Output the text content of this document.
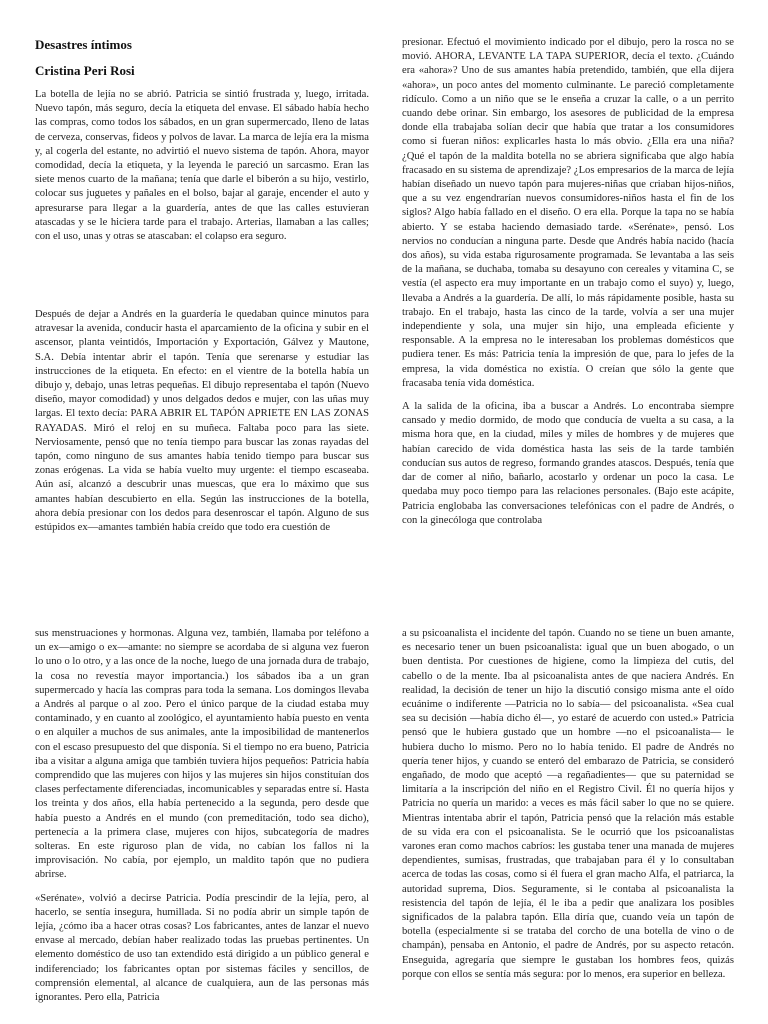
Desastres íntimos

Cristina Peri Rosi

La botella de lejía no se abrió. Patricia se sintió frustrada y, luego, irritada. Nuevo tapón, más seguro, decía la etiqueta del envase. El sábado había hecho las compras, como todos los sábados, en un gran supermercado, lleno de latas de cerveza, conservas, fideos y polvos de lavar. La marca de lejía era la misma y, al cogerla del estante, no advirtió el nuevo sistema de tapón. Ahora, mayor comodidad, decía la etiqueta, y la leyenda le pareció un sarcasmo. Eran las siete menos cuarto de la mañana; tenía que darle el biberón a su hijo, vestirlo, colocar sus juguetes y pañales en el bolso, bajar al garaje, encender el auto y apresurarse para llegar a la guardería, antes de que las calles estuvieran atascadas y se le hiciera tarde para el trabajo. Arterias, llamaban a las calles; con el uso, unas y otras se atascaban: el colapso era seguro.

Después de dejar a Andrés en la guardería le quedaban quince minutos para atravesar la avenida, conducir hasta el aparcamiento de la oficina y subir en el ascensor, planta veintidós, Importación y Exportación, Gálvez y Mautone, S.A. Debía intentar abrir el tapón. Tenía que serenarse y estudiar las instrucciones de la etiqueta. En efecto: en el vientre de la botella había un dibujo y, debajo, unas letras pequeñas. El dibujo representaba el tapón (Nuevo diseño, mayor comodidad) y unos delgados dedos e mujer, con las uñas muy largas. El texto decía: PARA ABRIR EL TAPÓN APRIETE EN LAS ZONAS RAYADAS. Miró el reloj en su muñeca. Faltaba poco para las siete. Nerviosamente, pensó que no tenía tiempo para buscar las zonas rayadas del tapón, como ninguno de sus amantes había tenido tiempo para buscar sus zonas erógenas. La vida se había vuelto muy urgente: el tiempo escaseaba. Aún así, alcanzó a descubrir unas muescas, que era lo máximo que sus amantes habían descubierto en ella. Según las instrucciones de la botella, ahora debía presionar con los dedos para desenroscar el tapón. Alguno de sus estúpidos ex—amantes también había creído que todo era cuestión de

presionar. Efectuó el movimiento indicado por el dibujo, pero la rosca no se movió. AHORA, LEVANTE LA TAPA SUPERIOR, decía el texto. ¿Cuándo era «ahora»? Uno de sus amantes había pretendido, también, que ella dijera «ahora», un poco antes del momento culminante. Le pareció completamente ridículo. Como a un niño que se le enseña a cruzar la calle, o a un perrito cuando debe orinar. Sin embargo, los asesores de publicidad de la empresa donde ella trabajaba solían decir que había que tratar a los consumidores como si fueran niños: explicarles hasta lo más obvio. ¿Ella era una niña? ¿Qué el tapón de la maldita botella no se abriera significaba que algo había fracasado en su sistema de aprendizaje? ¿Los empresarios de la marca de lejía habían diseñado un nuevo tapón para mujeres-niñas que criaban hijos-niños, que a su vez engendrarían nuevos consumidores-niños hasta el fin de los siglos? Algo había fallado en el diseño. O era ella. Porque la tapa no se había abierto. Y se estaba haciendo demasiado tarde. «Serénate», pensó. Los nervios no conducían a ninguna parte. Desde que Andrés había nacido (hacía dos años), su vida estaba rigurosamente programada. Se levantaba a las seis de la mañana, se duchaba, tomaba su desayuno con cereales y vitamina C, se vestía (el aspecto era muy importante en un trabajo como el suyo) y, luego, llevaba a Andrés a la guardería. De allí, lo más rápidamente posible, hasta su trabajo. En el trabajo, hasta las cinco de la tarde, volvía a ser una mujer independiente y sola, una mujer sin hijo, una empleada eficiente y responsable. A la empresa no le interesaban los problemas domésticos que pudiera tener. Es más: Patricia tenía la impresión de que, para lo jefes de la empresa, la vida doméstica no existía. O creían que sólo la gente que fracasaba tenía vida doméstica.

A la salida de la oficina, iba a buscar a Andrés. Lo encontraba siempre cansado y medio dormido, de modo que conducía de vuelta a su casa, a la misma hora que, en la ciudad, miles y miles de hombres y de mujeres que habían carecido de vida doméstica hasta las seis de la tarde también conducían sus autos de regreso, formando grandes atascos. Después, tenía que dar de comer al niño, bañarlo, acostarlo y ordenar un poco la casa. Le quedaba muy poco tiempo para las relaciones personales. (Bajo este acápite, Patricia englobaba las conversaciones telefónicas con el padre de Andrés, o con la ginecóloga que controlaba

sus menstruaciones y hormonas. Alguna vez, también, llamaba por teléfono a un ex—amigo o ex—amante: no siempre se acordaba de si alguna vez fueron lo uno o lo otro, y a las once de la noche, luego de una jornada dura de trabajo, la cosa no revestía mayor importancia.) los sábados iba a un gran supermercado y hacía las compras para toda la semana. Los domingos llevaba a Andrés al parque o al zoo. Pero el único parque de la ciudad estaba muy contaminado, y en cuanto al zoológico, el ayuntamiento había puesto en venta o en alquiler a muchos de sus animales, ante la imposibilidad de mantenerlos con el escaso presupuesto del que disponía. Si el tiempo no era bueno, Patricia iba a visitar a alguna amiga que también tuviera hijos pequeños: Patricia había comprendido que las mujeres con hijos y las mujeres sin hijos constituían dos clases perfectamente diferenciadas, incomunicables y separadas entre sí. Hasta los treinta y dos años, ella había pertenecido a la segunda, pero desde que había puesto a Andrés en el mundo (con premeditación, todo sea dicho), pertenecía a la primera clase, mujeres con hijos, subcategoría de madres solteras. En este riguroso plan de vida, no cabían los fallos ni la improvisación. No cabía, por ejemplo, un maldito tapón que no pudiera abrirse.

«Serénate», volvió a decirse Patricia. Podía prescindir de la lejía, pero, al hacerlo, se sentía insegura, humillada. Si no podía abrir un simple tapón de lejía, ¿cómo iba a hacer otras cosas? Los fabricantes, antes de lanzar el nuevo envase al mercado, debían haber realizado todas las pruebas pertinentes. Un elemento doméstico de uso tan extendido está dirigido a un público general e indiferenciado; los fabricantes optan por sistemas fáciles y sencillos, de comprensión elemental, al alcance de cualquiera, aun de las personas más ignorantes. Pero ella, Patricia

a su psicoanalista el incidente del tapón. Cuando no se tiene un buen amante, es necesario tener un buen psicoanalista: igual que un buen abogado, o un buen dentista. Por cuestiones de higiene, como la limpieza del cutis, del cabello o de la mente. Iba al psicoanalista antes de que naciera Andrés. En realidad, la decisión de tener un hijo la discutió consigo misma ante el oído ecuánime o indiferente —Patricia no lo sabía— del psicoanalista. «Sea cual sea su decisión —había dicho él—, yo estaré de acuerdo con usted.» Patricia pensó que le hubiera gustado que un hombre —no el psicoanalista— le hubiera ducho lo mismo. Pero no lo había tenido. El padre de Andrés no quería tener hijos, y cuando se enteró del embarazo de Patricia, se consideró engañado, de modo que aceptó —a regañadientes— que su paternidad se limitaría a la inscripción del niño en el Registro Civil. Él no quería hijos y Patricia no quería un marido: a veces es más fácil saber lo que no se quiere. Mientras intentaba abrir el tapón, Patricia pensó que la relación más estable de su vida era con el psicoanalista. Se le ocurrió que los psicoanalistas varones eran como machos cabríos: les gustaba tener una manada de mujeres dependientes, sumisas, frustradas, que trabajaban para él y lo consultaban acerca de todas las cosas, como si él fuera el gran macho Alfa, el patriarca, la autoridad suprema, Dios. Seguramente, si le contaba al psicoanalista la resistencia del tapón de lejía, él le iba a pedir que analizara los posibles significados de la palabra tapón. Ella diría que, cuando veía un tapón de botella (especialmente si se trataba del corcho de una botella de vino o de champán), pensaba en Antonio, el padre de Andrés, por su aspecto retacón. Enseguida, agregaría que siempre le gustaban los hombres feos, quizás porque con ellos se sentía más segura: por lo menos, era superior en belleza.
